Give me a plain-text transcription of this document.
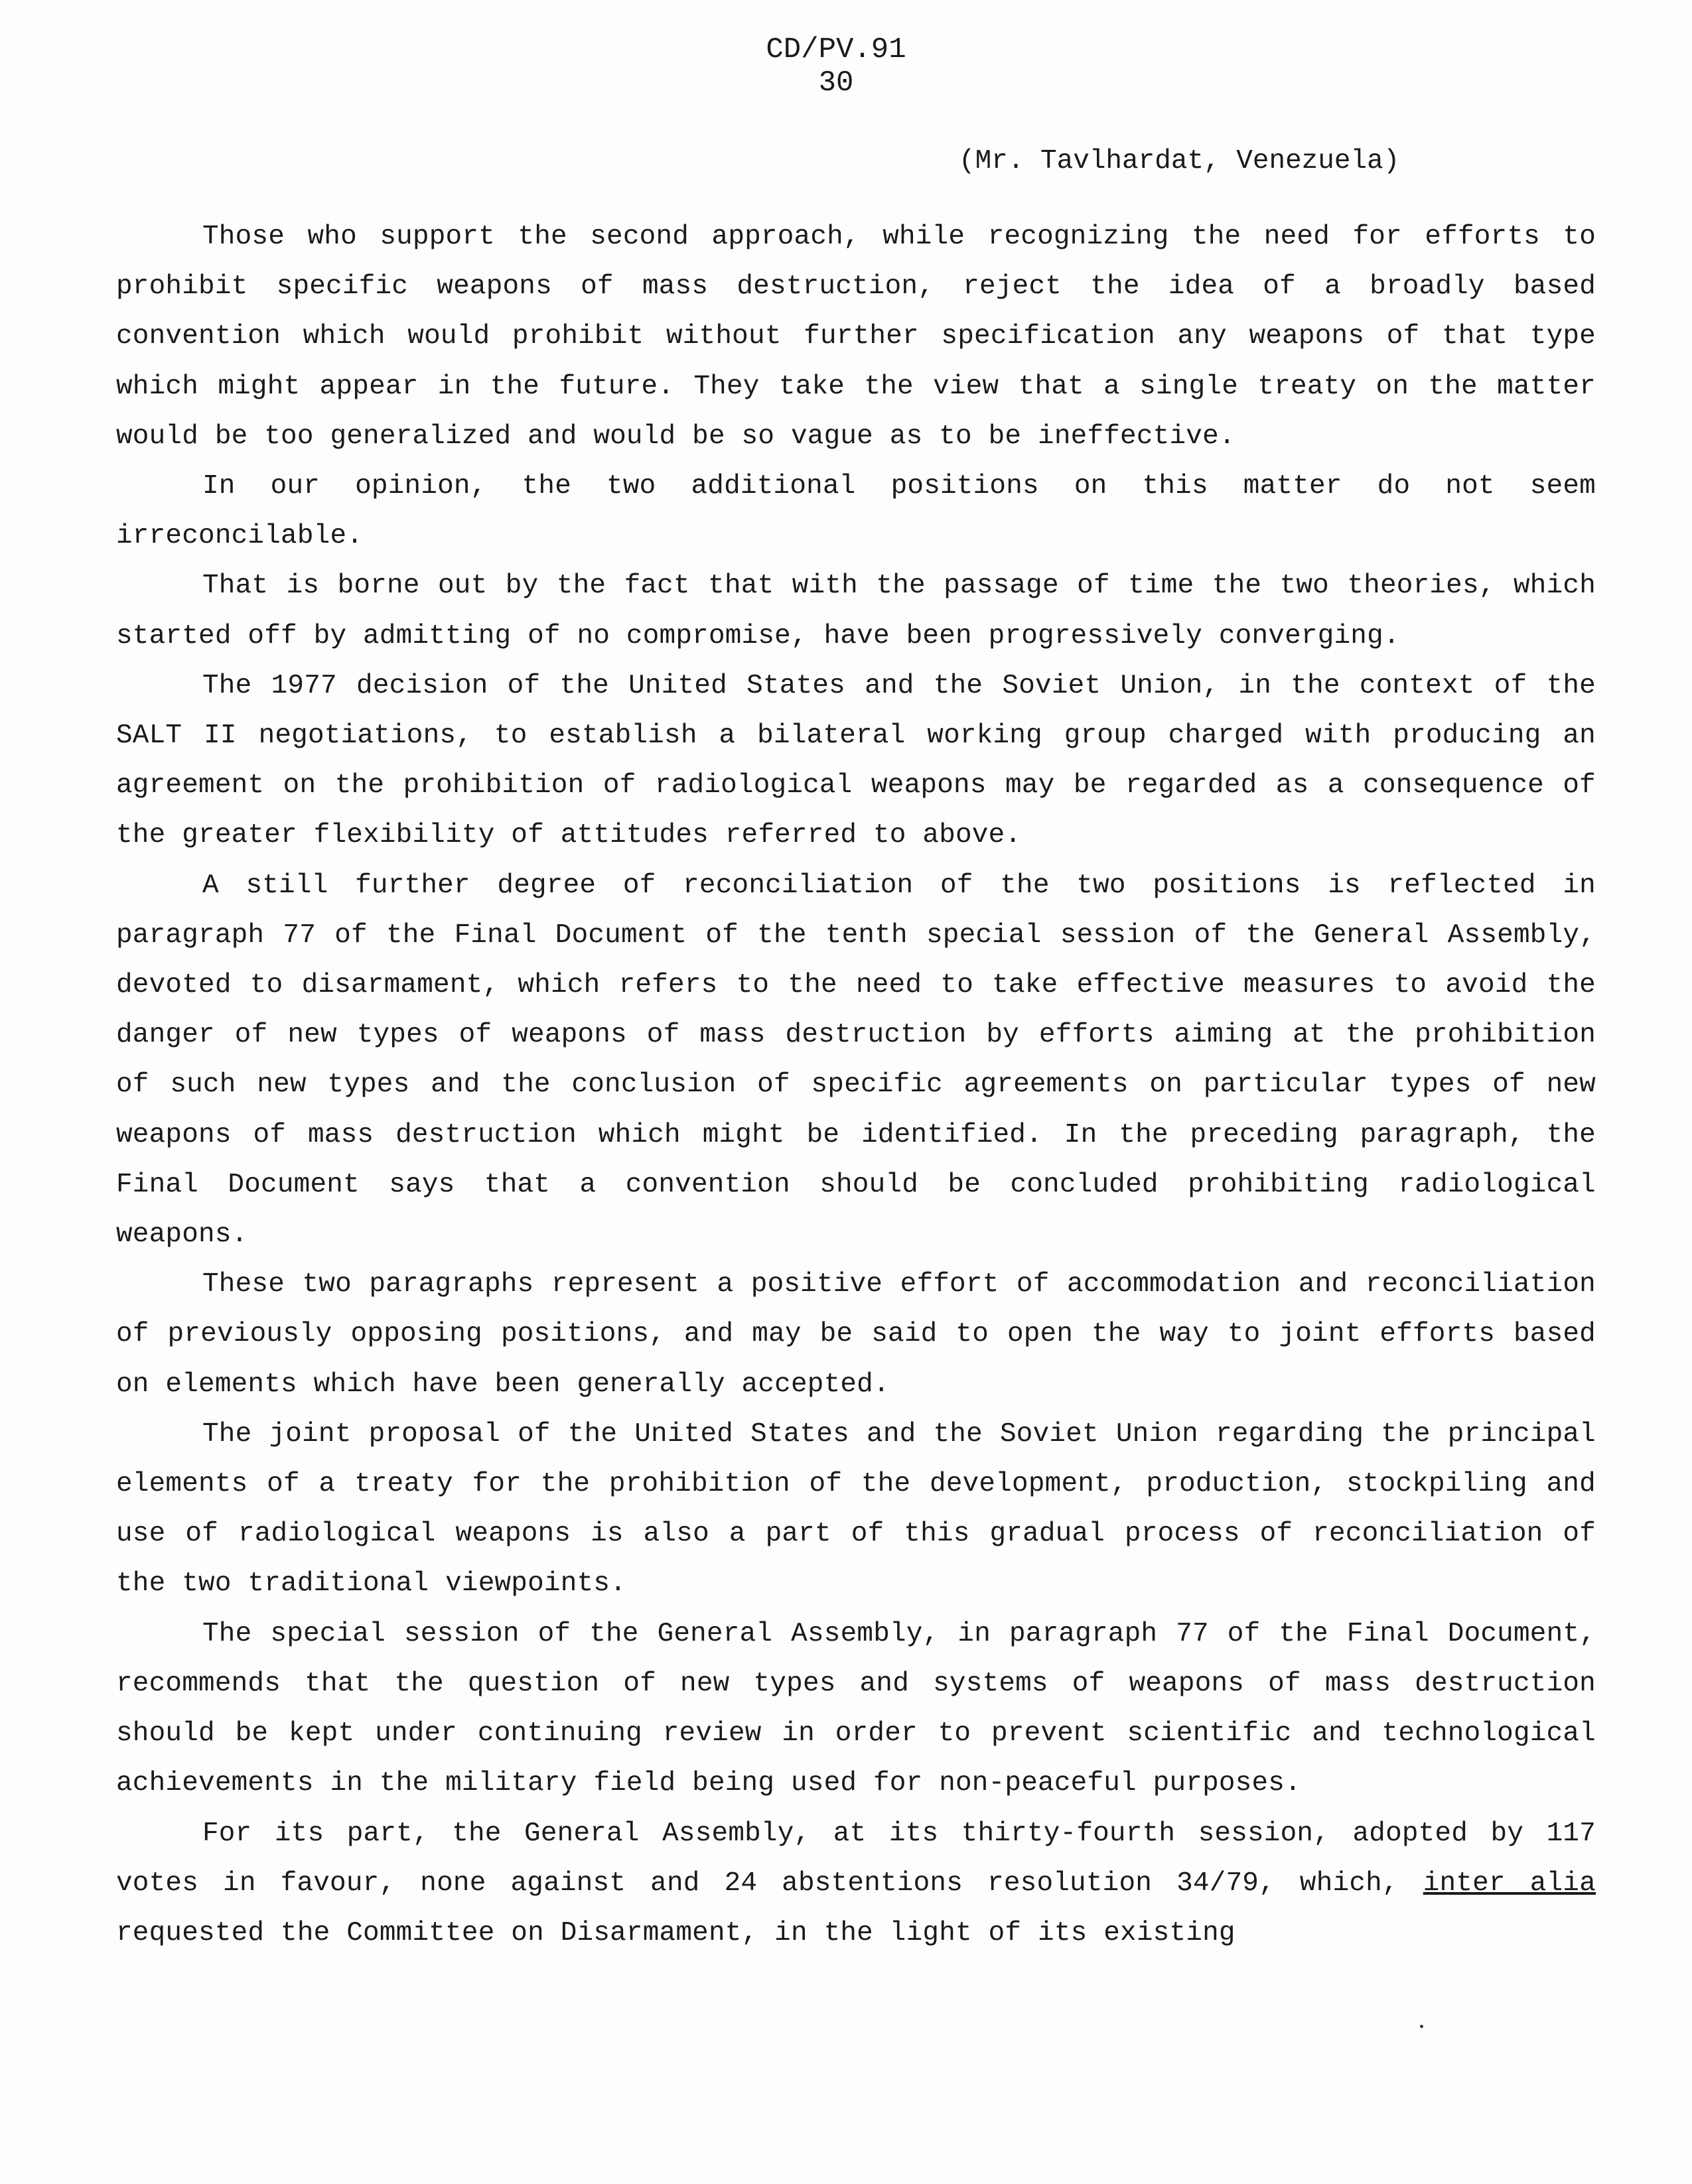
CD/PV.91
30
(Mr. Tavlhardat, Venezuela)

Those who support the second approach, while recognizing the need for efforts to prohibit specific weapons of mass destruction, reject the idea of a broadly based convention which would prohibit without further specification any weapons of that type which might appear in the future. They take the view that a single treaty on the matter would be too generalized and would be so vague as to be ineffective.

In our opinion, the two additional positions on this matter do not seem irreconcilable.

That is borne out by the fact that with the passage of time the two theories, which started off by admitting of no compromise, have been progressively converging.

The 1977 decision of the United States and the Soviet Union, in the context of the SALT II negotiations, to establish a bilateral working group charged with producing an agreement on the prohibition of radiological weapons may be regarded as a consequence of the greater flexibility of attitudes referred to above.

A still further degree of reconciliation of the two positions is reflected in paragraph 77 of the Final Document of the tenth special session of the General Assembly, devoted to disarmament, which refers to the need to take effective measures to avoid the danger of new types of weapons of mass destruction by efforts aiming at the prohibition of such new types and the conclusion of specific agreements on particular types of new weapons of mass destruction which might be identified. In the preceding paragraph, the Final Document says that a convention should be concluded prohibiting radiological weapons.

These two paragraphs represent a positive effort of accommodation and reconciliation of previously opposing positions, and may be said to open the way to joint efforts based on elements which have been generally accepted.

The joint proposal of the United States and the Soviet Union regarding the principal elements of a treaty for the prohibition of the development, production, stockpiling and use of radiological weapons is also a part of this gradual process of reconciliation of the two traditional viewpoints.

The special session of the General Assembly, in paragraph 77 of the Final Document, recommends that the question of new types and systems of weapons of mass destruction should be kept under continuing review in order to prevent scientific and technological achievements in the military field being used for non-peaceful purposes.

For its part, the General Assembly, at its thirty-fourth session, adopted by 117 votes in favour, none against and 24 abstentions resolution 34/79, which, inter alia requested the Committee on Disarmament, in the light of its existing
